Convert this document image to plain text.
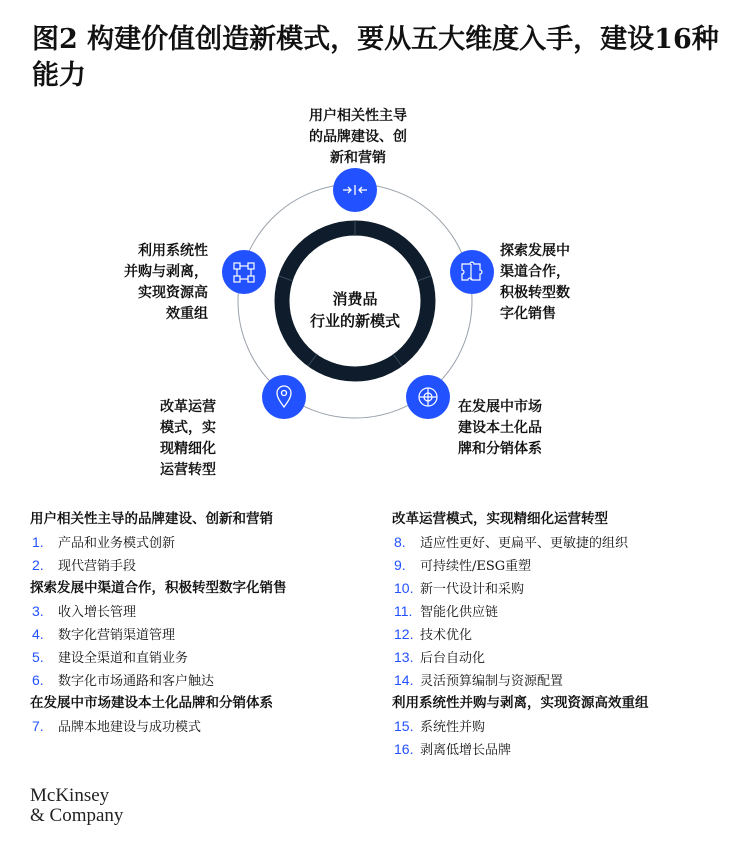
图2 构建价值创造新模式，要从五大维度入手，建设16种能力
消费品
行业的新模式
用户相关性主导
的品牌建设、创
新和营销
探索发展中
渠道合作，
积极转型数
字化销售
在发展中市场
建设本土化品
牌和分销体系
改革运营
模式，实
现精细化
运营转型
利用系统性
并购与剥离，
实现资源高
效重组
用户相关性主导的品牌建设、创新和营销
1.	产品和业务模式创新
2.	现代营销手段
探索发展中渠道合作，积极转型数字化销售
3.	收入增长管理
4.	数字化营销渠道管理
5.	建设全渠道和直销业务
6.	数字化市场通路和客户触达
在发展中市场建设本土化品牌和分销体系
7.	品牌本地建设与成功模式
改革运营模式，实现精细化运营转型
8.	适应性更好、更扁平、更敏捷的组织
9.	可持续性/ESG重塑
10. 新一代设计和采购
11. 智能化供应链
12. 技术优化
13. 后台自动化
14. 灵活预算编制与资源配置
利用系统性并购与剥离，实现资源高效重组
15. 系统性并购
16. 剥离低增长品牌
McKinsey
& Company
